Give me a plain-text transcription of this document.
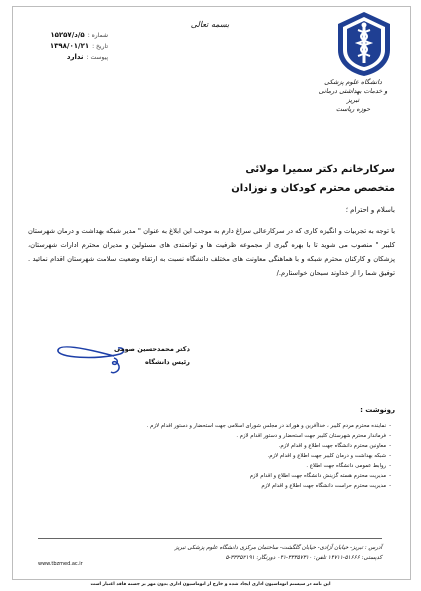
شماره :۵/د/۱۵۲۵۷
تاریخ :۱۳۹۸/۰۱/۲۱
پیوست :ندارد
بسمه تعالی
دانشگاه علوم پزشکی
و خدمات بهداشتی درمانی تبریز
حوزه ریاست
سرکارخانم دکتر سمیرا مولائی
متخصص محترم کودکان و نوزادان
باسلام و احترام ؛
با توجه به تجربیات و انگیزه کاری که در سرکارعالی سراغ دارم به موجب این ابلاغ به عنوان " مدیر شبکه بهداشت و درمان شهرستان کلیبر " منصوب می شوید تا با بهره گیری از مجموعه ظرفیت ها و توانمندی های مسئولین و مدیران محترم ادارات شهرستان، پزشکان و کارکنان محترم شبکه و با هماهنگی معاونت های مختلف دانشگاه نسبت به ارتقاء وضعیت سلامت شهرستان اقدام نمائید . توفیق شما را از خداوند سبحان خواستارم./
دکتر محمدحسین صومی
رئیس دانشگاه
رونوشت :
- نماینده محترم مردم کلیبر ، خداآفرین و هوراند در مجلس شورای اسلامی جهت استحضار و دستور اقدام لازم .
- فرماندار محترم شهرستان کلیبر جهت استحضار و دستور اقدام لازم .
- معاونین محترم دانشگاه جهت اطلاع و اقدام لازم.
- شبکه بهداشت و درمان کلیبر جهت اطلاع و اقدام لازم.
- روابط عمومی دانشگاه جهت اطلاع .
- مدیریت محترم هسته گزینش دانشگاه جهت اطلاع و اقدام لازم
- مدیریت محترم حراست دانشگاه جهت اطلاع و اقدام لازم
آدرس : تبریز- خیابان آزادی- خیابان گلگشت- ساختمان مرکزی دانشگاه علوم پزشکی تبریز
کدپستی: ۵۱۶۶۶-۱۴۷۱۱ تلفن: ۳۳۳۵۷۳۱۰-۰۴۱ دورنگار: ۳۳۳۵۲۱۹۱-۵
www.tbzmed.ac.ir
این نامه در سیستم اتوماسیون اداری ایجاد شده و خارج از اتوماسیون اداری بدون مهر بر جسته فاقد اعتبار است
